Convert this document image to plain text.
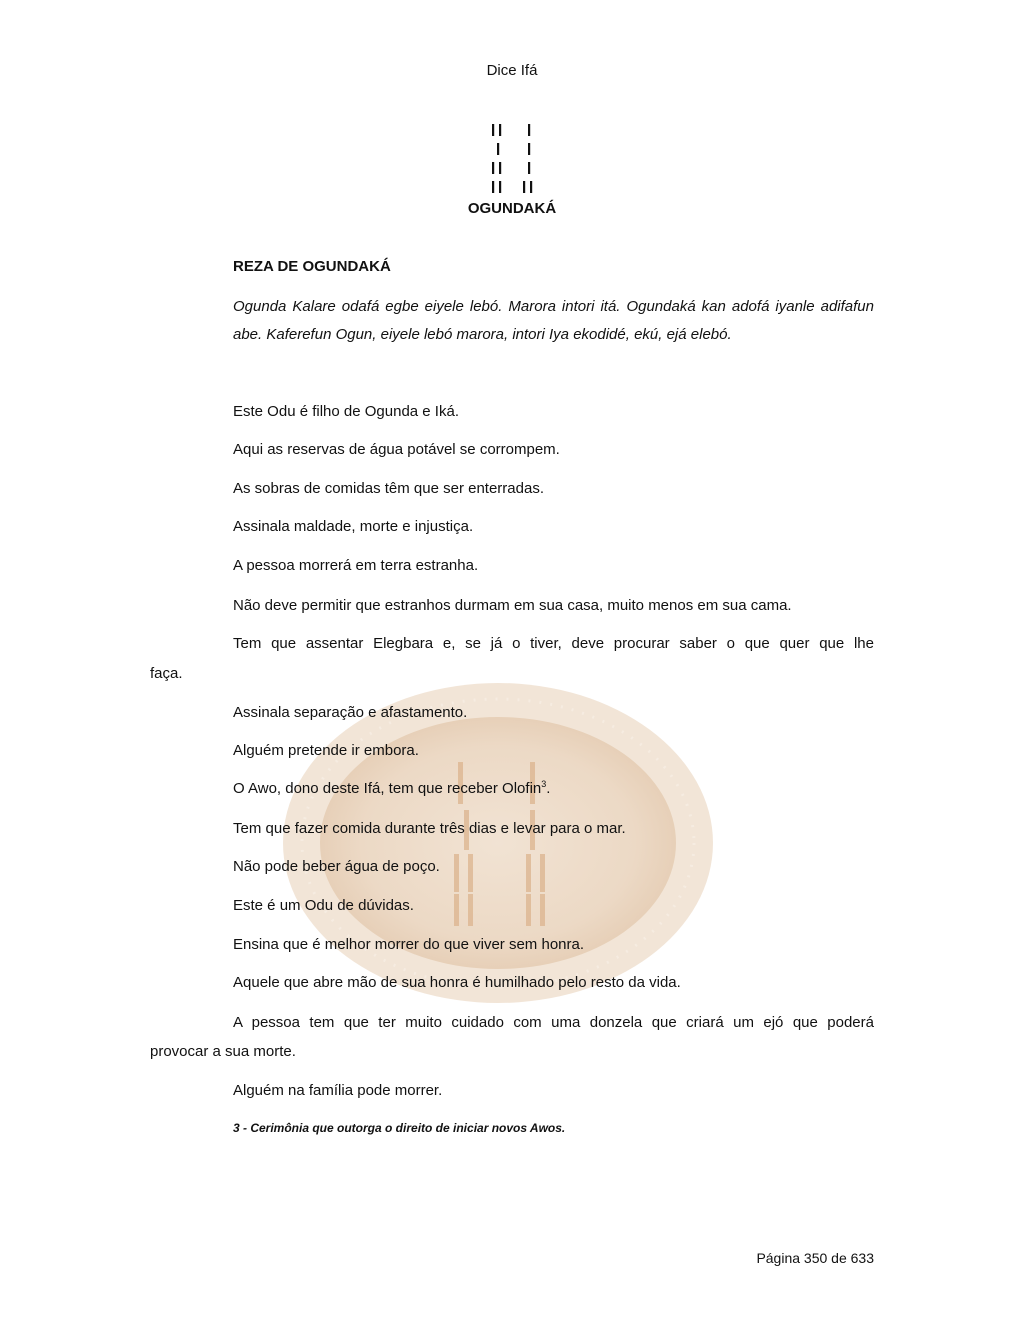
Dice Ifá
OGUNDAKÁ
REZA DE OGUNDAKÁ
Ogunda Kalare odafá egbe eiyele lebó. Marora intori itá. Ogundaká kan adofá iyanle adifafun abe. Kaferefun Ogun, eiyele lebó marora, intori Iya ekodidé, ekú, ejá elebó.
Este Odu é filho de Ogunda e Iká.
Aqui as reservas de água potável se corrompem.
As sobras de comidas têm que ser enterradas.
Assinala maldade, morte e injustiça.
A pessoa morrerá em terra estranha.
Não deve permitir que estranhos durmam em sua casa, muito menos em sua cama.
Tem que assentar Elegbara e, se já o tiver, deve procurar saber o que quer que lhe
faça.
Assinala separação e afastamento.
Alguém pretende ir embora.
O Awo, dono deste Ifá, tem que receber Olofin$^3$.
Tem que fazer comida durante três dias e levar para o mar.
Não pode beber água de poço.
Este é um Odu de dúvidas.
Ensina que é melhor morrer do que viver sem honra.
Aquele que abre mão de sua honra é humilhado pelo resto da vida.
A pessoa tem que ter muito cuidado com uma donzela que criará um ejó que poderá
provocar a sua morte.
Alguém na família pode morrer.
3 - Cerimônia que outorga o direito de iniciar novos Awos.
Página 350 de 633
